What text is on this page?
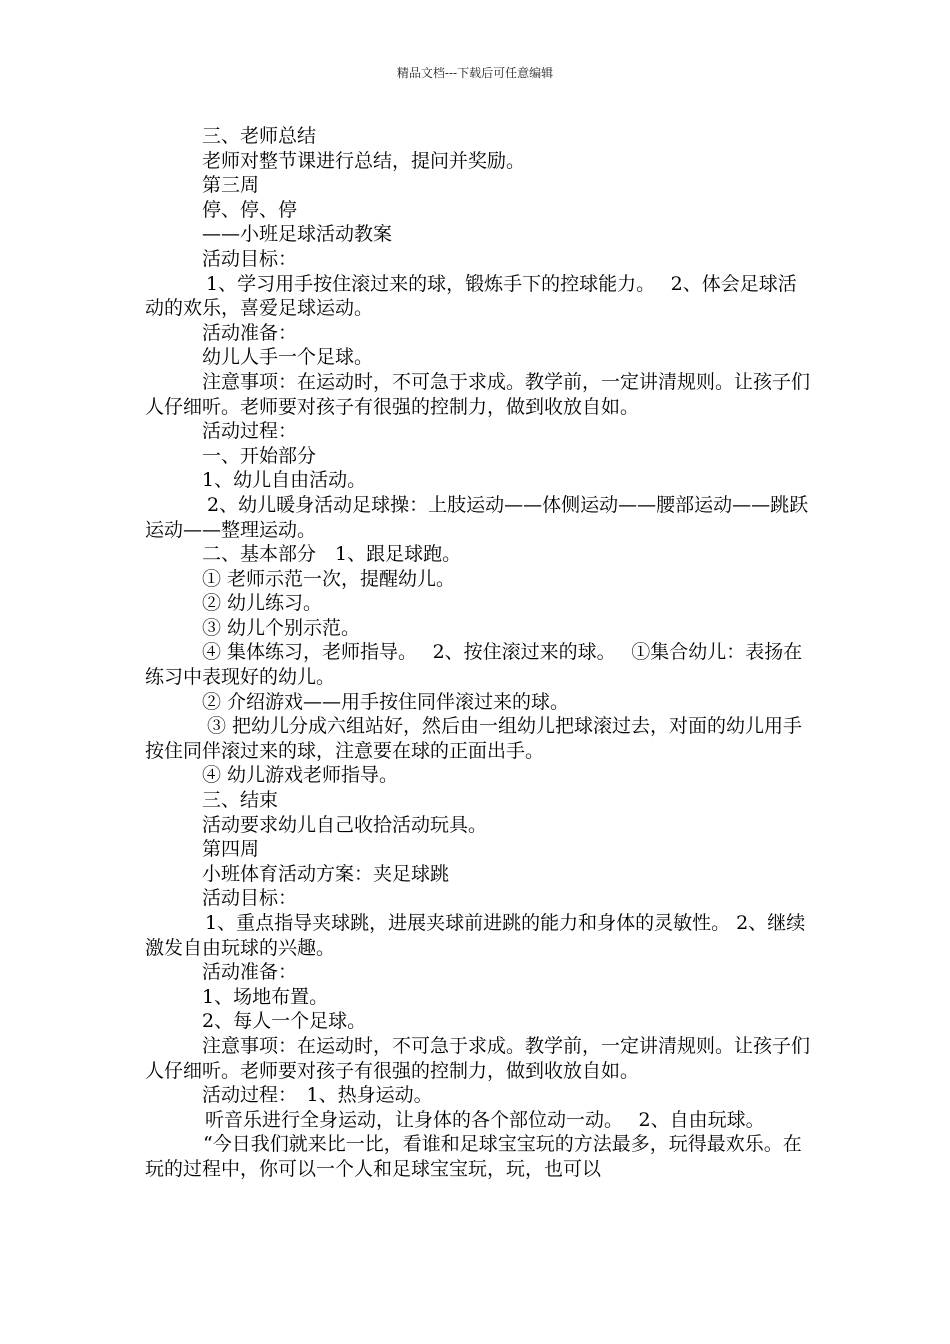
精品文档---下载后可任意编辑

三、老师总结

老师对整节课进行总结，提问并奖励。

第三周

停、停、停

——小班足球活动教案

活动目标：

1、学习用手按住滚过来的球，锻炼手下的控球能力。　 2、体会足球活动的欢乐，喜爱足球运动。

活动准备：

幼儿人手一个足球。

注意事项：在运动时，不可急于求成。教学前，一定讲清规则。让孩子们人仔细听。老师要对孩子有很强的控制力，做到收放自如。

活动过程：

一、开始部分

1、幼儿自由活动。

2、幼儿暖身活动足球操：上肢运动——体侧运动——腰部运动——跳跃运动——整理运动。

二、基本部分　1、跟足球跑。

① 老师示范一次，提醒幼儿。

② 幼儿练习。

③ 幼儿个别示范。

④ 集体练习，老师指导。　 2、按住滚过来的球。　 ①集合幼儿：表扬在练习中表现好的幼儿。

② 介绍游戏——用手按住同伴滚过来的球。

③ 把幼儿分成六组站好，然后由一组幼儿把球滚过去，对面的幼儿用手按住同伴滚过来的球，注意要在球的正面出手。

④ 幼儿游戏老师指导。

三、结束

活动要求幼儿自己收拾活动玩具。

第四周

小班体育活动方案：夹足球跳

活动目标：

1、重点指导夹球跳，进展夹球前进跳的能力和身体的灵敏性。 2、继续激发自由玩球的兴趣。

活动准备：

1、场地布置。

2、每人一个足球。

注意事项：在运动时，不可急于求成。教学前，一定讲清规则。让孩子们人仔细听。老师要对孩子有很强的控制力，做到收放自如。

活动过程：　1、热身运动。

听音乐进行全身运动，让身体的各个部位动一动。　 2、自由玩球。

“今日我们就来比一比，看谁和足球宝宝玩的方法最多，玩得最欢乐。在玩的过程中，你可以一个人和足球宝宝玩，玩，也可以
